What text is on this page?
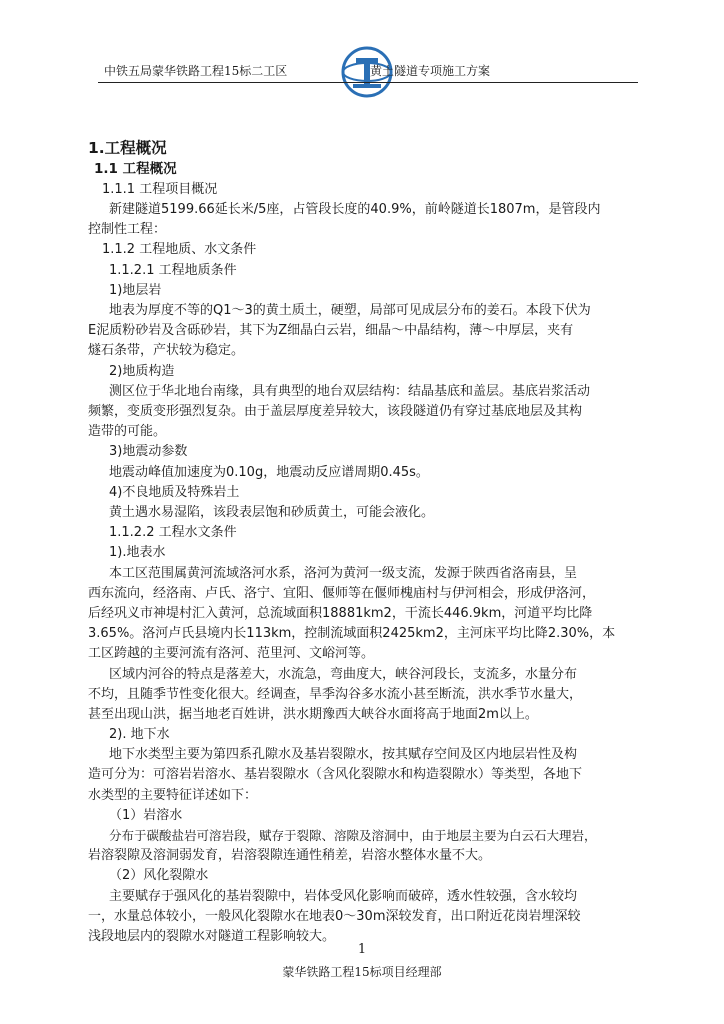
中铁五局蒙华铁路工程15标二工区	黄土隧道专项施工方案
1.工程概况
1.1 工程概况
1.1.1 工程项目概况
新建隧道5199.66延长米/5座，占管段长度的40.9%，前岭隧道长1807m，是管段内
控制性工程：
1.1.2 工程地质、水文条件
1.1.2.1 工程地质条件
1)地层岩
地表为厚度不等的Q1～3的黄土质土，硬塑，局部可见成层分布的姜石。本段下伏为
E泥质粉砂岩及含砾砂岩，其下为Z细晶白云岩，细晶～中晶结构，薄～中厚层，夹有
燧石条带，产状较为稳定。
2)地质构造
测区位于华北地台南缘，具有典型的地台双层结构：结晶基底和盖层。基底岩浆活动
频繁，变质变形强烈复杂。由于盖层厚度差异较大，该段隧道仍有穿过基底地层及其构
造带的可能。
3)地震动参数
地震动峰值加速度为0.10g，地震动反应谱周期0.45s。
4)不良地质及特殊岩土
黄土遇水易湿陷，该段表层饱和砂质黄土，可能会液化。
1.1.2.2 工程水文条件
1).地表水
本工区范围属黄河流域洛河水系，洛河为黄河一级支流，发源于陕西省洛南县，呈
西东流向，经洛南、卢氏、洛宁、宜阳、偃师等在偃师槐庙村与伊河相会，形成伊洛河，
后经巩义市神堤村汇入黄河，总流域面积18881km2，干流长446.9km，河道平均比降
3.65%。洛河卢氏县境内长113km，控制流域面积2425km2，主河床平均比降2.30%，本
工区跨越的主要河流有洛河、范里河、文峪河等。
区域内河谷的特点是落差大，水流急，弯曲度大，峡谷河段长，支流多，水量分布
不均，且随季节性变化很大。经调查，旱季沟谷多水流小甚至断流，洪水季节水量大，
甚至出现山洪，据当地老百姓讲，洪水期豫西大峡谷水面将高于地面2m以上。
2). 地下水
地下水类型主要为第四系孔隙水及基岩裂隙水，按其赋存空间及区内地层岩性及构
造可分为：可溶岩岩溶水、基岩裂隙水（含风化裂隙水和构造裂隙水）等类型，各地下
水类型的主要特征详述如下：
（1）岩溶水
分布于碳酸盐岩可溶岩段，赋存于裂隙、溶隙及溶洞中，由于地层主要为白云石大理岩，
岩溶裂隙及溶洞弱发育，岩溶裂隙连通性稍差，岩溶水整体水量不大。
（2）风化裂隙水
主要赋存于强风化的基岩裂隙中，岩体受风化影响而破碎，透水性较强，含水较均
一，水量总体较小，一般风化裂隙水在地表0～30m深较发育，出口附近花岗岩埋深较
浅段地层内的裂隙水对隧道工程影响较大。
1
蒙华铁路工程15标项目经理部
